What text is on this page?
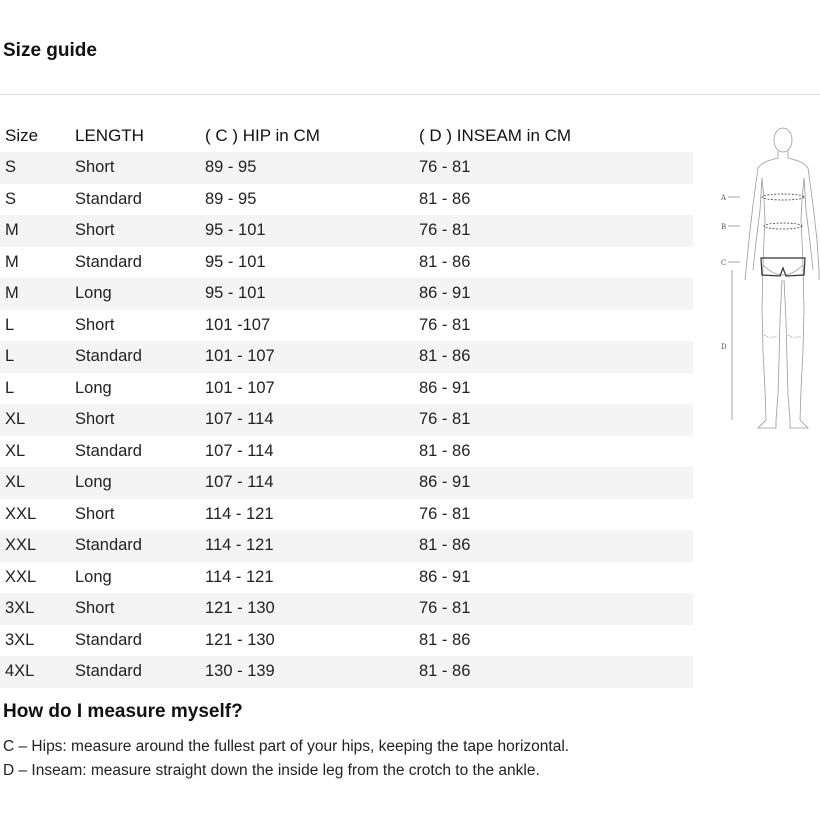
Size guide
Size	LENGTH	( C ) HIP in CM	( D ) INSEAM in CM
S	Short	89 - 95	76 - 81
S	Standard	89 - 95	81 - 86
M	Short	95 - 101	76 - 81
M	Standard	95 - 101	81 - 86
M	Long	95 - 101	86 - 91
L	Short	101 -107	76 - 81
L	Standard	101 - 107	81 - 86
L	Long	101 - 107	86 - 91
XL	Short	107 - 114	76 - 81
XL	Standard	107 - 114	81 - 86
XL	Long	107 - 114	86 - 91
XXL	Short	114 - 121	76 - 81
XXL	Standard	114 - 121	81 - 86
XXL	Long	114 - 121	86 - 91
3XL	Short	121 - 130	76 - 81
3XL	Standard	121 - 130	81 - 86
4XL	Standard	130 - 139	81 - 86
A
B
C
D
How do I measure myself?

C – Hips: measure around the fullest part of your hips, keeping the tape horizontal.

D – Inseam: measure straight down the inside leg from the crotch to the ankle.
